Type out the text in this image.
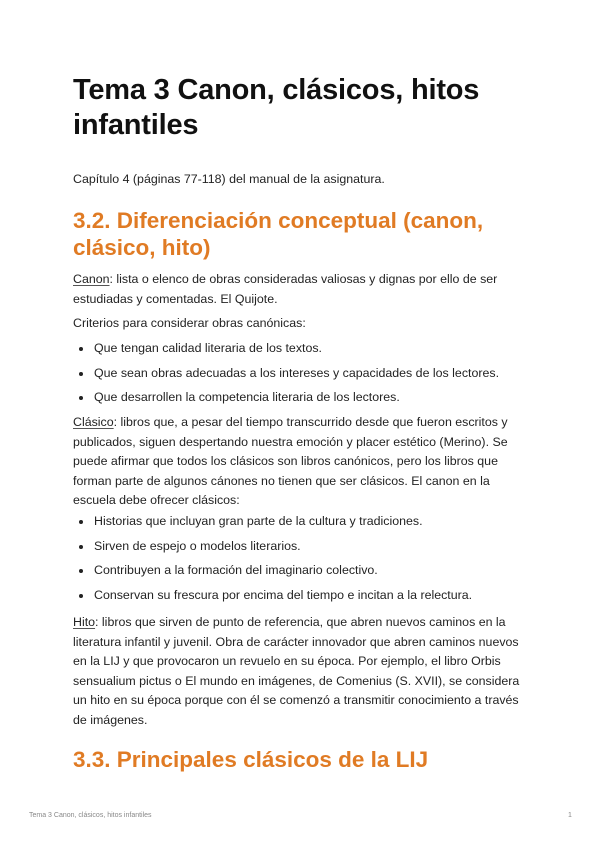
Tema 3 Canon, clásicos, hitos infantiles

Capítulo 4 (páginas 77-118) del manual de la asignatura.

3.2. Diferenciación conceptual (canon, clásico, hito)

Canon: lista o elenco de obras consideradas valiosas y dignas por ello de ser estudiadas y comentadas. El Quijote.

Criterios para considerar obras canónicas:

Que tengan calidad literaria de los textos.
Que sean obras adecuadas a los intereses y capacidades de los lectores.
Que desarrollen la competencia literaria de los lectores.

Clásico: libros que, a pesar del tiempo transcurrido desde que fueron escritos y publicados, siguen despertando nuestra emoción y placer estético (Merino). Se puede afirmar que todos los clásicos son libros canónicos, pero los libros que forman parte de algunos cánones no tienen que ser clásicos. El canon en la escuela debe ofrecer clásicos:

Historias que incluyan gran parte de la cultura y tradiciones.
Sirven de espejo o modelos literarios.
Contribuyen a la formación del imaginario colectivo.
Conservan su frescura por encima del tiempo e incitan a la relectura.

Hito: libros que sirven de punto de referencia, que abren nuevos caminos en la literatura infantil y juvenil. Obra de carácter innovador que abren caminos nuevos en la LIJ y que provocaron un revuelo en su época. Por ejemplo, el libro Orbis sensualium pictus o El mundo en imágenes, de Comenius (S. XVII), se considera un hito en su época porque con él se comenzó a transmitir conocimiento a través de imágenes.

3.3. Principales clásicos de la LIJ
Tema 3 Canon, clásicos, hitos infantiles	1
